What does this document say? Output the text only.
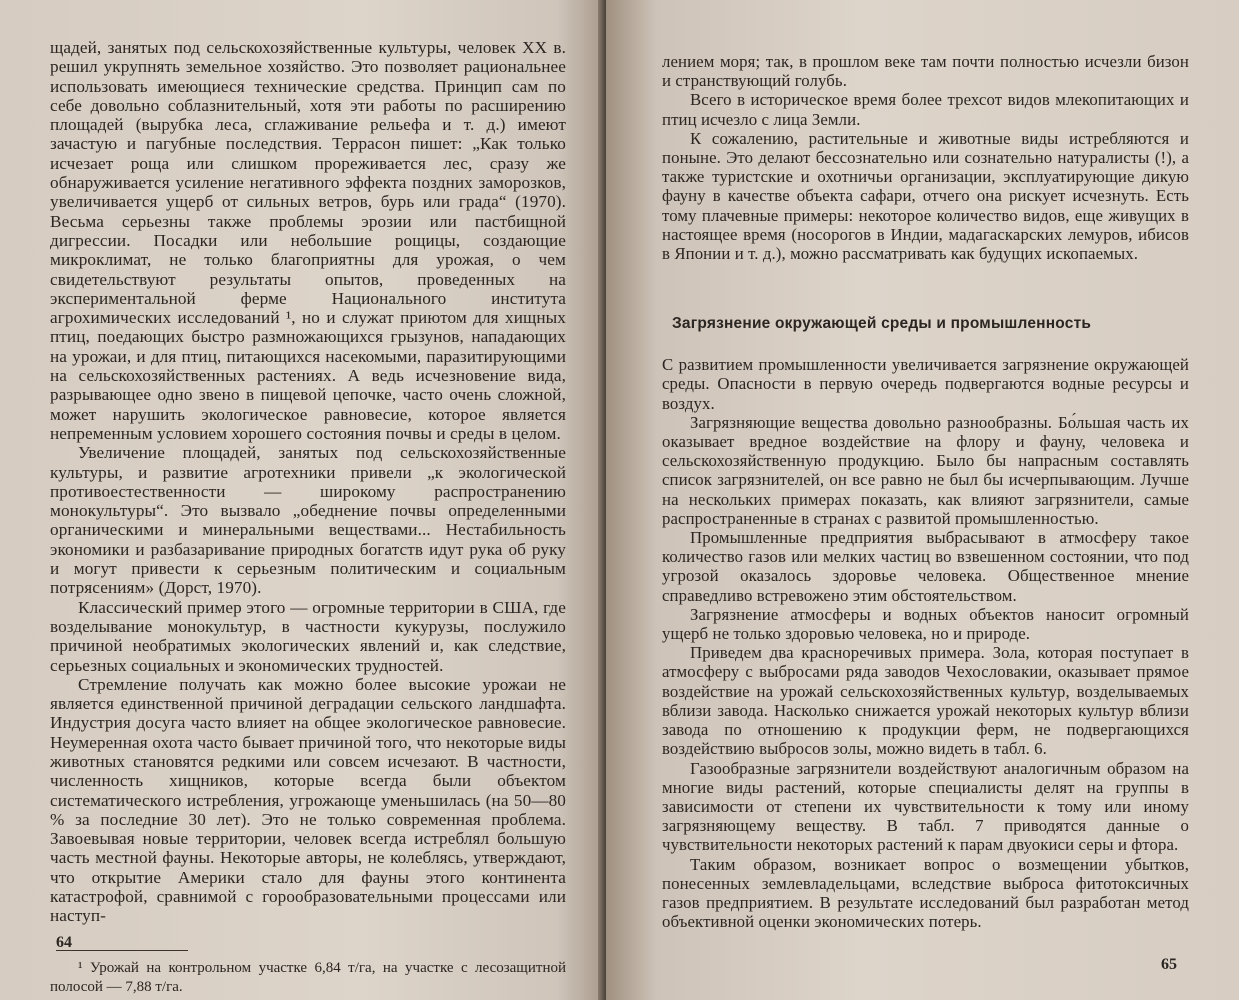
щадей, занятых под сельскохозяйственные культуры, человек XX в. решил укрупнять земельное хозяйство. Это позволяет рациональнее использовать имеющиеся технические средства. Принцип сам по себе довольно соблазнительный, хотя эти работы по расширению площадей (вырубка леса, сглаживание рельефа и т. д.) имеют зачастую и пагубные последствия. Террасон пишет: „Как только исчезает роща или слишком прореживается лес, сразу же обнаруживается усиление негативного эффекта поздних заморозков, увеличивается ущерб от сильных ветров, бурь или града“ (1970). Весьма серьезны также проблемы эрозии или пастбищной дигрессии. Посадки или небольшие рощицы, создающие микроклимат, не только благоприятны для урожая, о чем свидетельствуют результаты опытов, проведенных на экспериментальной ферме Национального института агрохимических исследований ¹, но и служат приютом для хищных птиц, поедающих быстро размножающихся грызунов, нападающих на урожаи, и для птиц, питающихся насекомыми, паразитирующими на сельскохозяйственных растениях. А ведь исчезновение вида, разрывающее одно звено в пищевой цепочке, часто очень сложной, может нарушить экологическое равновесие, которое является непременным условием хорошего состояния почвы и среды в целом.

Увеличение площадей, занятых под сельскохозяйственные культуры, и развитие агротехники привели „к экологической противоестественности — широкому распространению монокультуры“. Это вызвало „обеднение почвы определенными органическими и минеральными веществами... Нестабильность экономики и разбазаривание природных богатств идут рука об руку и могут привести к серьезным политическим и социальным потрясениям» (Дорст, 1970).

Классический пример этого — огромные территории в США, где возделывание монокультур, в частности кукурузы, послужило причиной необратимых экологических явлений и, как следствие, серьезных социальных и экономических трудностей.

Стремление получать как можно более высокие урожаи не является единственной причиной деградации сельского ландшафта. Индустрия досуга часто влияет на общее экологическое равновесие. Неумеренная охота часто бывает причиной того, что некоторые виды животных становятся редкими или совсем исчезают. В частности, численность хищников, которые всегда были объектом систематического истребления, угрожающе уменьшилась (на 50—80 % за последние 30 лет). Это не только современная проблема. Завоевывая новые территории, человек всегда истреблял большую часть местной фауны. Некоторые авторы, не колеблясь, утверждают, что открытие Америки стало для фауны этого континента катастрофой, сравнимой с горообразовательными процессами или наступ-

¹ Урожай на контрольном участке 6,84 т/га, на участке с лесозащитной полосой — 7,88 т/га.
64

лением моря; так, в прошлом веке там почти полностью исчезли бизон и странствующий голубь.

Всего в историческое время более трехсот видов млекопитающих и птиц исчезло с лица Земли.

К сожалению, растительные и животные виды истребляются и поныне. Это делают бессознательно или сознательно натуралисты (!), а также туристские и охотничьи организации, эксплуатирующие дикую фауну в качестве объекта сафари, отчего она рискует исчезнуть. Есть тому плачевные примеры: некоторое количество видов, еще живущих в настоящее время (носорогов в Индии, мадагаскарских лемуров, ибисов в Японии и т. д.), можно рассматривать как будущих ископаемых.

Загрязнение окружающей среды и промышленность

С развитием промышленности увеличивается загрязнение окружающей среды. Опасности в первую очередь подвергаются водные ресурсы и воздух.

Загрязняющие вещества довольно разнообразны. Бо́льшая часть их оказывает вредное воздействие на флору и фауну, человека и сельскохозяйственную продукцию. Было бы напрасным составлять список загрязнителей, он все равно не был бы исчерпывающим. Лучше на нескольких примерах показать, как влияют загрязнители, самые распространенные в странах с развитой промышленностью.

Промышленные предприятия выбрасывают в атмосферу такое количество газов или мелких частиц во взвешенном состоянии, что под угрозой оказалось здоровье человека. Общественное мнение справедливо встревожено этим обстоятельством.

Загрязнение атмосферы и водных объектов наносит огромный ущерб не только здоровью человека, но и природе.

Приведем два красноречивых примера. Зола, которая поступает в атмосферу с выбросами ряда заводов Чехословакии, оказывает прямое воздействие на урожай сельскохозяйственных культур, возделываемых вблизи завода. Насколько снижается урожай некоторых культур вблизи завода по отношению к продукции ферм, не подвергающихся воздействию выбросов золы, можно видеть в табл. 6.

Газообразные загрязнители воздействуют аналогичным образом на многие виды растений, которые специалисты делят на группы в зависимости от степени их чувствительности к тому или иному загрязняющему веществу. В табл. 7 приводятся данные о чувствительности некоторых растений к парам двуокиси серы и фтора.

Таким образом, возникает вопрос о возмещении убытков, понесенных землевладельцами, вследствие выброса фитотоксичных газов предприятием. В результате исследований был разработан метод объективной оценки экономических потерь.

65
